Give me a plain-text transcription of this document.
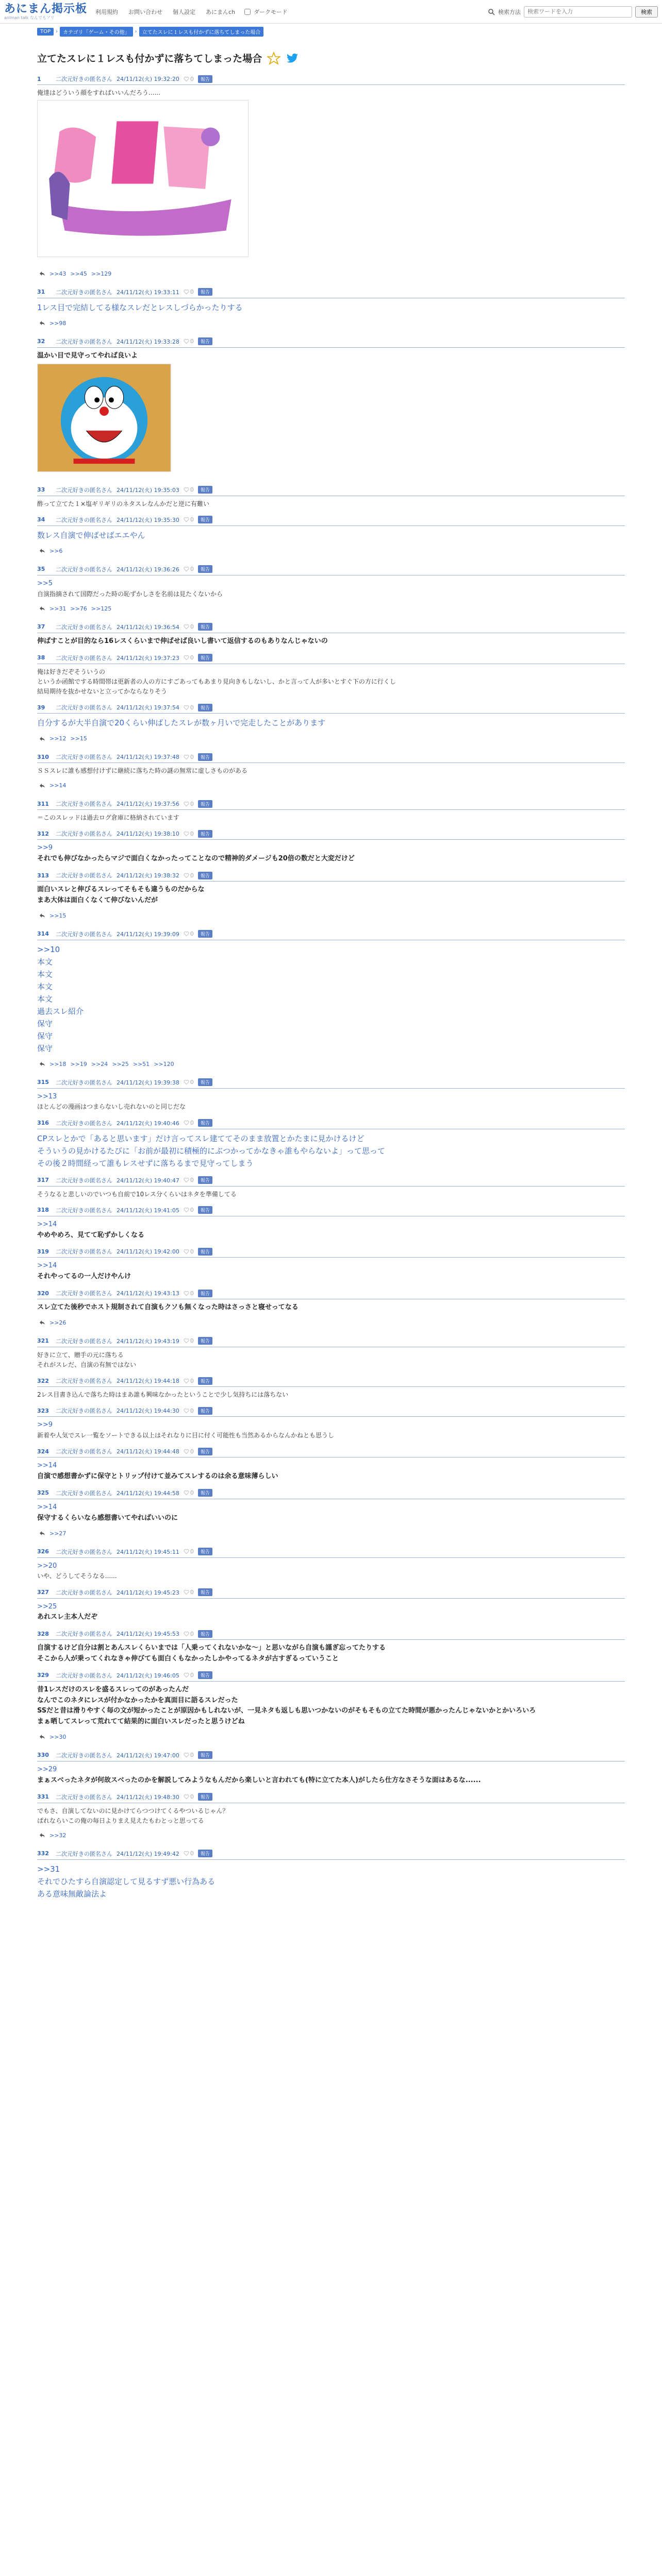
あにまん掲示板
animan talk なんでもアリ
利用規約 お問い合わせ 個人設定 あにまんch	ダークモード	検索方法
検索ワードを入力	検索
TOP	›	カテゴリ「ゲーム・その他」	›	立てたスレに１レスも付かずに落ちてしまった場合
立てたスレに１レスも付かずに落ちてしまった場合
1	二次元好きの匿名さん 24/11/12(火) 19:32:20 0	報告
俺達はどういう顔をすればいいんだろう......
>>43 >>45 >>129
31	二次元好きの匿名さん 24/11/12(火) 19:33:11 0	報告
1レス目で完結してる様なスレだとレスしづらかったりする
>>98
32	二次元好きの匿名さん 24/11/12(火) 19:33:28 0	報告
温かい目で見守ってやれば良いよ
33	二次元好きの匿名さん 24/11/12(火) 19:35:03 0	報告
酢って立てた１×塩ギリギリのネタスレなんかだと逆に有難い
34	二次元好きの匿名さん 24/11/12(火) 19:35:30 0	報告
数レス自演で伸ばせばエエやん
>>6
35	二次元好きの匿名さん 24/11/12(火) 19:36:26 0	報告
>>5
自演指摘されて国際だった時の恥ずかしさを名前は見たくないから
>>31 >>76 >>125
37	二次元好きの匿名さん 24/11/12(火) 19:36:54 0	報告
伸ばすことが目的なら16レスくらいまで伸ばせば良いし書いて返信するのもありなんじゃないの
38	二次元好きの匿名さん 24/11/12(火) 19:37:23 0	報告
俺は好きだぞそういうの
というか函館でする時間帯は更新者の人の方にすごあってもあまり見向きもしないし、かと言って人が多いとすぐ下の方に行くし
結局期待を抜かせないと立ってかならなりそう
39	二次元好きの匿名さん 24/11/12(火) 19:37:54 0	報告
自分するが大半自演で20くらい伸ばしたスレが数ヶ月いで完走したことがあります
>>12 >>15
310	二次元好きの匿名さん 24/11/12(火) 19:37:48 0	報告
ＳＳスレに誰も感想付けずに継続に落ちた時の謎の無常に虚しさものがある
>>14
311	二次元好きの匿名さん 24/11/12(火) 19:37:56 0	報告
＝このスレッドは過去ログ倉庫に格納されています
312	二次元好きの匿名さん 24/11/12(火) 19:38:10 0	報告
>>9
それでも伸びなかったらマジで面白くなかったってことなので精神的ダメージも20倍の数だと大変だけど
313	二次元好きの匿名さん 24/11/12(火) 19:38:32 0	報告
面白いスレと伸びるスレってそもそも違うものだからな
まあ大体は面白くなくて伸びないんだが
>>15
314	二次元好きの匿名さん 24/11/12(火) 19:39:09 0	報告
>>10
本文
本文
本文
本文
過去スレ紹介
保守
保守
保守
>>18 >>19 >>24 >>25 >>51 >>120
315	二次元好きの匿名さん 24/11/12(火) 19:39:38 0	報告
>>13
ほとんどの漫画はつまらないし売れないのと同じだな
316	二次元好きの匿名さん 24/11/12(火) 19:40:46 0	報告
CPスレとかで「あると思います」だけ言ってスレ建ててそのまま放置とかたまに見かけるけど
そういうの見かけるたびに「お前が最初に積極的にぶつかってかなきゃ誰もやらないよ」って思って
その後２時間経って誰もレスせずに落ちるまで見守ってしまう
317	二次元好きの匿名さん 24/11/12(火) 19:40:47 0	報告
そうなると悲しいのでいつも自前で10レス分くらいはネタを準備してる
318	二次元好きの匿名さん 24/11/12(火) 19:41:05 0	報告
>>14
やめやめろ、見てて恥ずかしくなる
319	二次元好きの匿名さん 24/11/12(火) 19:42:00 0	報告
>>14
それやってるの一人だけやんけ
320	二次元好きの匿名さん 24/11/12(火) 19:43:13 0	報告
スレ立てた後秒でホスト規制されて自演もクソも無くなった時はさっさと寝せってなる
>>26
321	二次元好きの匿名さん 24/11/12(火) 19:43:19 0	報告
好きに立て、贈手の元に落ちる
それがスレだ、自演の有無ではない
322	二次元好きの匿名さん 24/11/12(火) 19:44:18 0	報告
2レス目書き込んで落ちた時はまあ誰も興味なかったということで少し気持ちには落ちない
323	二次元好きの匿名さん 24/11/12(火) 19:44:30 0	報告
>>9
新着や人気でスレ一覧をソートできる以上はそれなりに目に付く可能性も当然あるからなんかねとも思うし
324	二次元好きの匿名さん 24/11/12(火) 19:44:48 0	報告
>>14
自演で感想書かずに保守とトリップ付けて並みてスレするのは余る意味薄らしい
325	二次元好きの匿名さん 24/11/12(火) 19:44:58 0	報告
>>14
保守するくらいなら感想書いてやればいいのに
>>27
326	二次元好きの匿名さん 24/11/12(火) 19:45:11 0	報告
>>20
いや、どうしてそうなる......
327	二次元好きの匿名さん 24/11/12(火) 19:45:23 0	報告
>>25
あれスレ主本人だぞ
328	二次元好きの匿名さん 24/11/12(火) 19:45:53 0	報告
自演するけど自分は割とあんスレくらいまでは「人乗ってくれないかな〜」と思いながら自演も謹ぎ忘ってたりする
そこから人が乗ってくれなきゃ伸びても面白くもなかったしかやってるネタが古すぎるっていうこと
329	二次元好きの匿名さん 24/11/12(火) 19:46:05 0	報告
昔1レスだけのスレを盛るスレってのがあったんだ
なんでこのネタにレスが付かなかったかを真面目に語るスレだった
SSだと昔は滑りやすく毎の文が短かったことが原因かもしれないが、一見ネタも返しも思いつかないのがそもそもの立てた時間が悪かったんじゃないかとかいろいろ
まぁ晒してスレって荒れてて結果的に面白いスレだったと思うけどね
>>30
330	二次元好きの匿名さん 24/11/12(火) 19:47:00 0	報告
>>29
まぁスベったネタが何故スベったのかを解説してみようなもんだから楽しいと言われても(特に立てた本人)がしたら仕方なさそうな面はあるな......
331	二次元好きの匿名さん 24/11/12(火) 19:48:30 0	報告
でもさ、自演してないのに見かけてらつつけてくるやついるじゃん？
ぱれならいこの俺の毎日よりまえ見えたもわとっと思ってる
>>32
332	二次元好きの匿名さん 24/11/12(火) 19:49:42 0	報告
>>31
それでひたすら自演認定して見るすず悪い行為ある
ある意味無敵論法よ
